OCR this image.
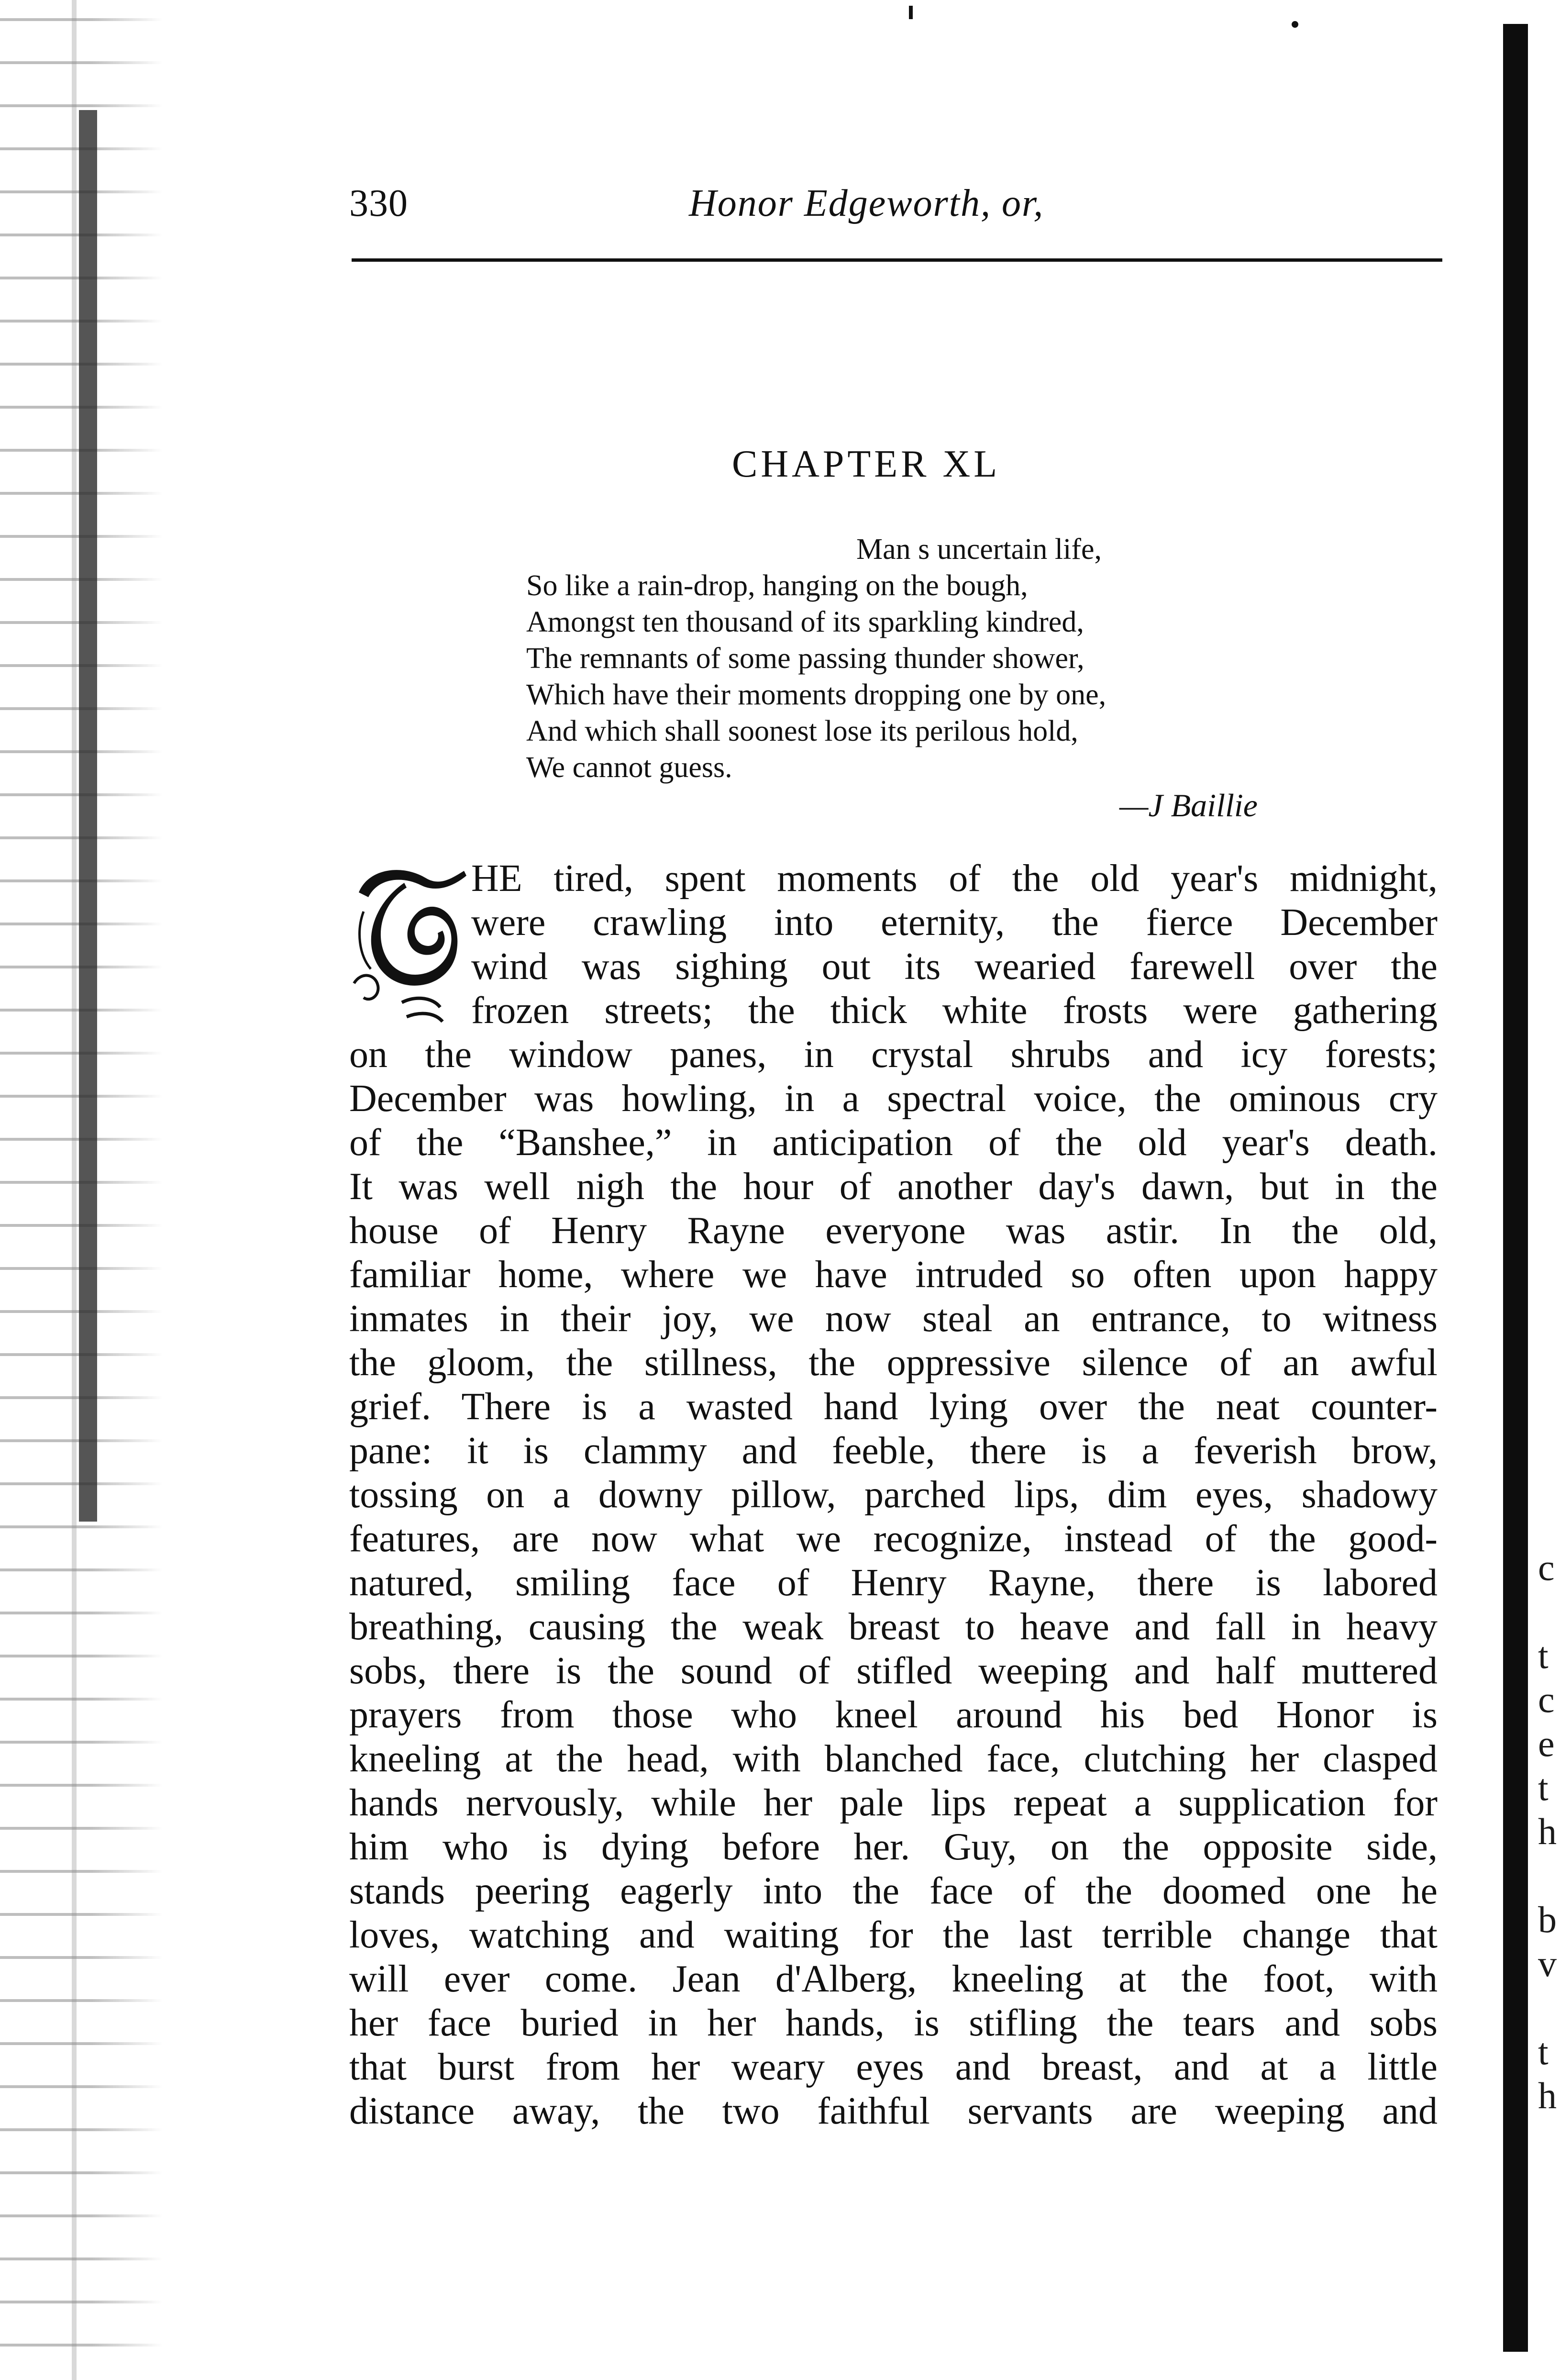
c
t
c
e
t
h
b
v
t
h
330	Honor Edgeworth, or,
CHAPTER XL
Man s uncertain life,
So like a rain-drop, hanging on the bough,
Amongst ten thousand of its sparkling kindred,
The remnants of some passing thunder shower,
Which have their moments dropping one by one,
And which shall soonest lose its perilous hold,
We cannot guess.
—J Baillie
HE tired, spent moments of the old year's midnight,
were crawling into eternity, the fierce December
wind was sighing out its wearied farewell over the
frozen streets; the thick white frosts were gathering
on the window panes, in crystal shrubs and icy forests;
December was howling, in a spectral voice, the ominous cry
of the “Banshee,” in anticipation of the old year's death.
It was well nigh the hour of another day's dawn, but in the
house of Henry Rayne everyone was astir. In the old,
familiar home, where we have intruded so often upon happy
inmates in their joy, we now steal an entrance, to witness
the gloom, the stillness, the oppressive silence of an awful
grief. There is a wasted hand lying over the neat counter-
pane: it is clammy and feeble, there is a feverish brow,
tossing on a downy pillow, parched lips, dim eyes, shadowy
features, are now what we recognize, instead of the good-
natured, smiling face of Henry Rayne, there is labored
breathing, causing the weak breast to heave and fall in heavy
sobs, there is the sound of stifled weeping and half muttered
prayers from those who kneel around his bed Honor is
kneeling at the head, with blanched face, clutching her clasped
hands nervously, while her pale lips repeat a supplication for
him who is dying before her. Guy, on the opposite side,
stands peering eagerly into the face of the doomed one he
loves, watching and waiting for the last terrible change that
will ever come. Jean d'Alberg, kneeling at the foot, with
her face buried in her hands, is stifling the tears and sobs
that burst from her weary eyes and breast, and at a little
distance away, the two faithful servants are weeping and
